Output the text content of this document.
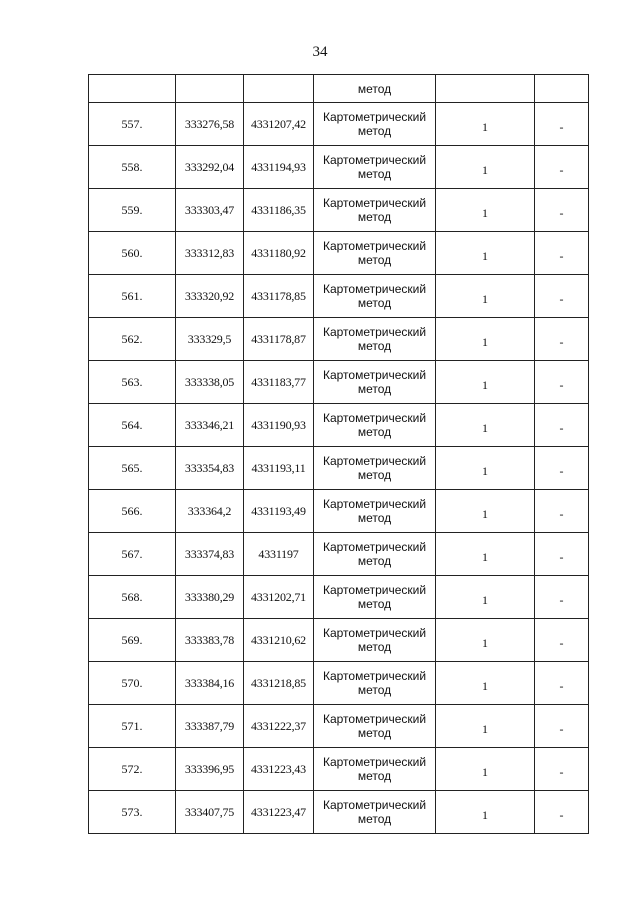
34
			метод		
557.	333276,58	4331207,42	Картометрический
метод	1	-

558.	333292,04	4331194,93	Картометрический
метод	1	-

559.	333303,47	4331186,35	Картометрический
метод	1	-

560.	333312,83	4331180,92	Картометрический
метод	1	-

561.	333320,92	4331178,85	Картометрический
метод	1	-

562.	333329,5	4331178,87	Картометрический
метод	1	-

563.	333338,05	4331183,77	Картометрический
метод	1	-

564.	333346,21	4331190,93	Картометрический
метод	1	-

565.	333354,83	4331193,11	Картометрический
метод	1	-

566.	333364,2	4331193,49	Картометрический
метод	1	-

567.	333374,83	4331197	Картометрический
метод	1	-

568.	333380,29	4331202,71	Картометрический
метод	1	-

569.	333383,78	4331210,62	Картометрический
метод	1	-

570.	333384,16	4331218,85	Картометрический
метод	1	-

571.	333387,79	4331222,37	Картометрический
метод	1	-

572.	333396,95	4331223,43	Картометрический
метод	1	-

573.	333407,75	4331223,47	Картометрический
метод	1	-
